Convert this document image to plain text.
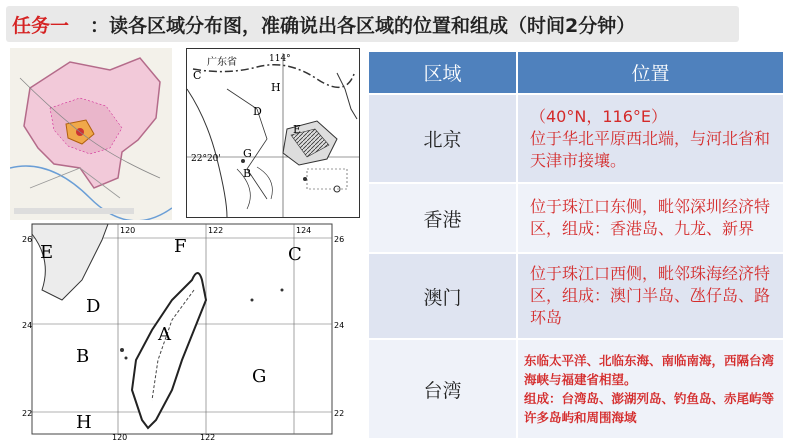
任务一 ：读各区域分布图，准确说出各区域的位置和组成（时间2分钟）
114°
广东省
22°20'
C
H
D
E
G
B
120	122	124
120	122
26
24
22
26
24
22
E	F	C
D
A
B
G
H
区域	位置
北京	（40°N，116°E）
位于华北平原西北端，与河北省和天津市接壤。
香港	位于珠江口东侧，毗邻深圳经济特区，组成：香港岛、九龙、新界
澳门	位于珠江口西侧，毗邻珠海经济特区，组成：澳门半岛、氹仔岛、路环岛
台湾	东临太平洋、北临东海、南临南海，西隔台湾海峡与福建省相望。
组成：台湾岛、澎湖列岛、钓鱼岛、赤尾屿等许多岛屿和周围海域
